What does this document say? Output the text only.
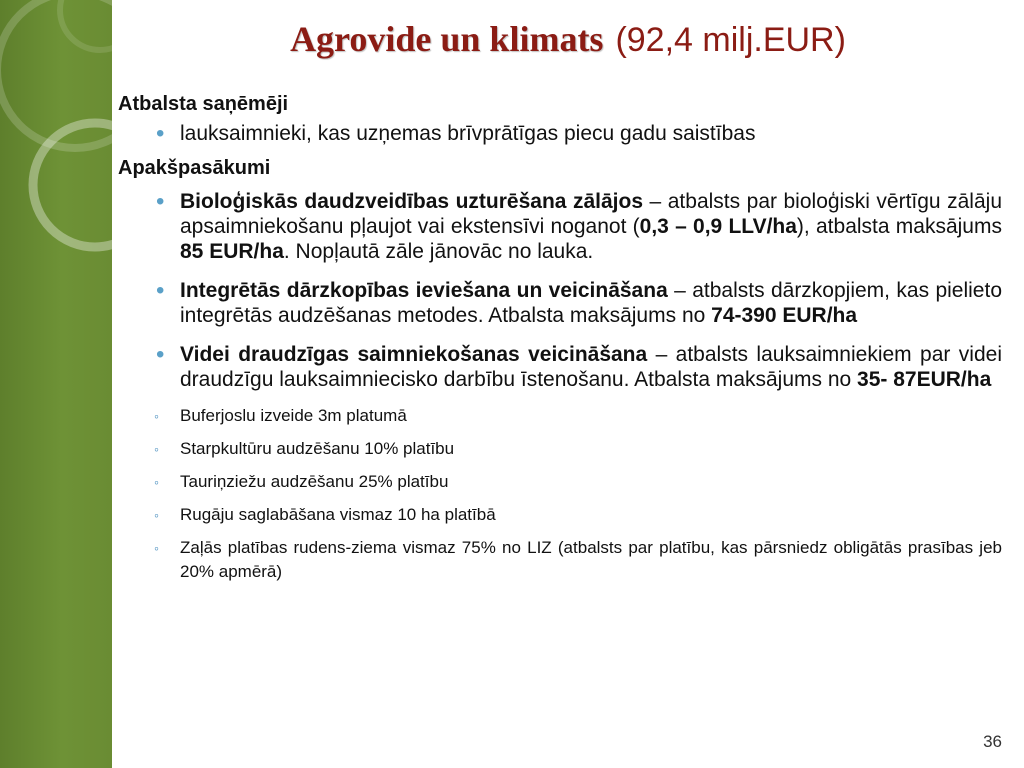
Agrovide un klimats (92,4 milj.EUR)
Atbalsta saņēmēji
• lauksaimnieki, kas uzņemas brīvprātīgas piecu gadu saistības
Apakšpasākumi
• Bioloģiskās daudzveidības uzturēšana zālājos – atbalsts par bioloģiski vērtīgu zālāju apsaimniekošanu pļaujot vai ekstensīvi noganot (0,3 – 0,9 LLV/ha), atbalsta maksājums 85 EUR/ha. Nopļautā zāle jānovāc no lauka.
• Integrētās dārzkopības ieviešana un veicināšana – atbalsts dārzkopjiem, kas pielieto integrētās audzēšanas metodes. Atbalsta maksājums no 74-390 EUR/ha
• Videi draudzīgas saimniekošanas veicināšana – atbalsts lauksaimniekiem par videi draudzīgu lauksaimniecisko darbību īstenošanu. Atbalsta maksājums no 35- 87EUR/ha
◦ Buferjoslu izveide 3m platumā
◦ Starpkultūru audzēšanu 10% platību
◦ Tauriņziežu audzēšanu 25% platību
◦ Rugāju saglabāšana vismaz 10 ha platībā
◦ Zaļās platības rudens-ziema vismaz 75% no LIZ (atbalsts par platību, kas pārsniedz obligātās prasības jeb 20% apmērā)
36
